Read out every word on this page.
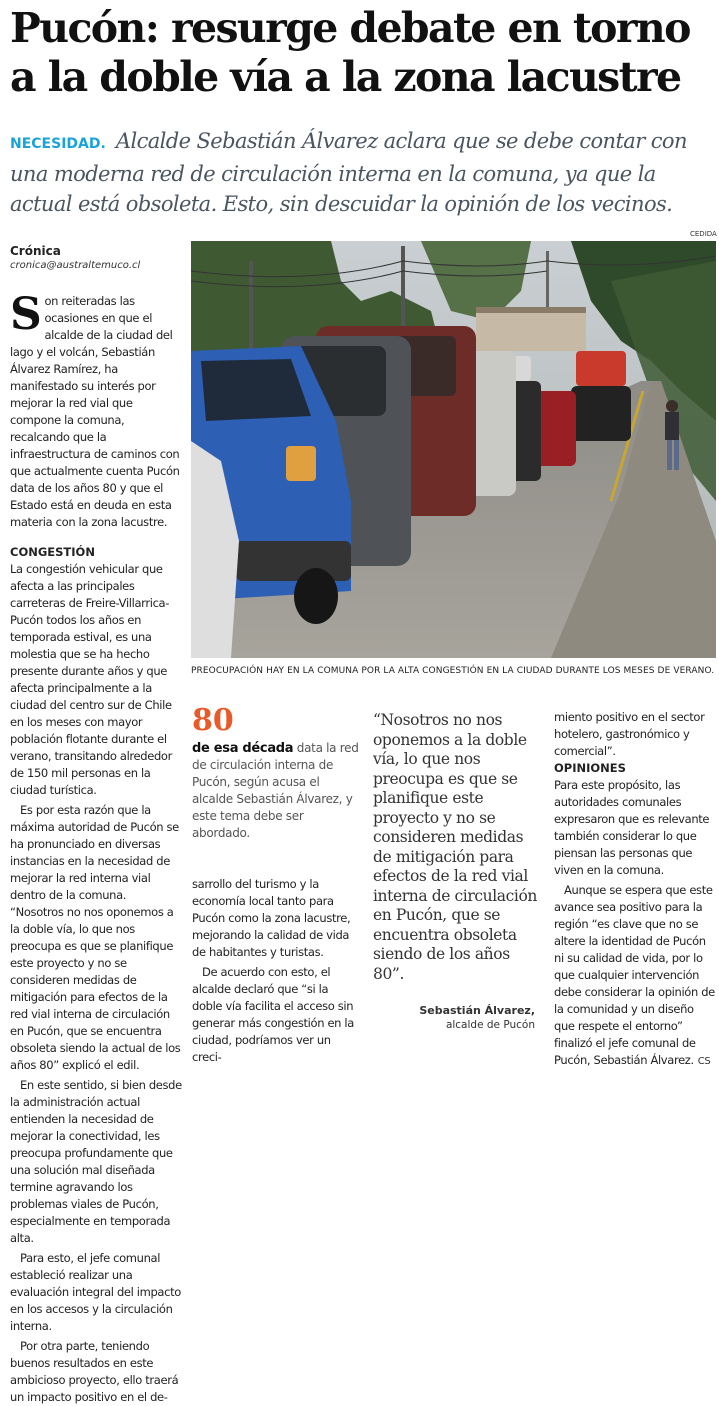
Pucón: resurge debate en torno
a la doble vía a la zona lacustre
NECESIDAD. Alcalde Sebastián Álvarez aclara que se debe contar con una moderna red de circulación interna en la comuna, ya que la actual está obsoleta. Esto, sin descuidar la opinión de los vecinos.
CEDIDA
PREOCUPACIÓN HAY EN LA COMUNA POR LA ALTA CONGESTIÓN EN LA CIUDAD DURANTE LOS MESES DE VERANO.
Crónica
cronica@australtemuco.cl

Son reiteradas las ocasiones en que el alcalde de la ciudad del lago y el volcán, Sebastián Álvarez Ramírez, ha manifestado su interés por mejorar la red vial que compone la comuna, recalcando que la infraestructura de caminos con que actualmente cuenta Pucón data de los años 80 y que el Estado está en deuda en esta materia con la zona lacustre.

CONGESTIÓN

La congestión vehicular que afecta a las principales carreteras de Freire-Villarrica-Pucón todos los años en temporada estival, es una molestia que se ha hecho presente durante años y que afecta principalmente a la ciudad del centro sur de Chile en los meses con mayor población flotante durante el verano, transitando alrededor de 150 mil personas en la ciudad turística.

Es por esta razón que la máxima autoridad de Pucón se ha pronunciado en diversas instancias en la necesidad de mejorar la red interna vial dentro de la comuna. “Nosotros no nos oponemos a la doble vía, lo que nos preocupa es que se planifique este proyecto y no se consideren medidas de mitigación para efectos de la red vial interna de circulación en Pucón, que se encuentra obsoleta siendo la actual de los años 80” explicó el edil.

En este sentido, si bien desde la administración actual entienden la necesidad de mejorar la conectividad, les preocupa profundamente que una solución mal diseñada termine agravando los problemas viales de Pucón, especialmente en temporada alta.

Para esto, el jefe comunal estableció realizar una evaluación integral del impacto en los accesos y la circulación interna.

Por otra parte, teniendo buenos resultados en este ambicioso proyecto, ello traerá un impacto positivo en el de-

80
de esa década data la red de circulación interna de Pucón, según acusa el alcalde Sebastián Álvarez, y este tema debe ser abordado.

sarrollo del turismo y la economía local tanto para Pucón como la zona lacustre, mejorando la calidad de vida de habitantes y turistas.

De acuerdo con esto, el alcalde declaró que “si la doble vía facilita el acceso sin generar más congestión en la ciudad, podríamos ver un creci-

“Nosotros no nos oponemos a la doble vía, lo que nos preocupa es que se planifique este proyecto y no se consideren medidas de mitigación para efectos de la red vial interna de circulación en Pucón, que se encuentra obsoleta siendo de los años 80”.
Sebastián Álvarez,
alcalde de Pucón

miento positivo en el sector hotelero, gastronómico y comercial”.

OPINIONES

Para este propósito, las autoridades comunales expresaron que es relevante también considerar lo que piensan las personas que viven en la comuna.

Aunque se espera que este avance sea positivo para la región “es clave que no se altere la identidad de Pucón ni su calidad de vida, por lo que cualquier intervención debe considerar la opinión de la comunidad y un diseño que respete el entorno” finalizó el jefe comunal de Pucón, Sebastián Álvarez. CS
